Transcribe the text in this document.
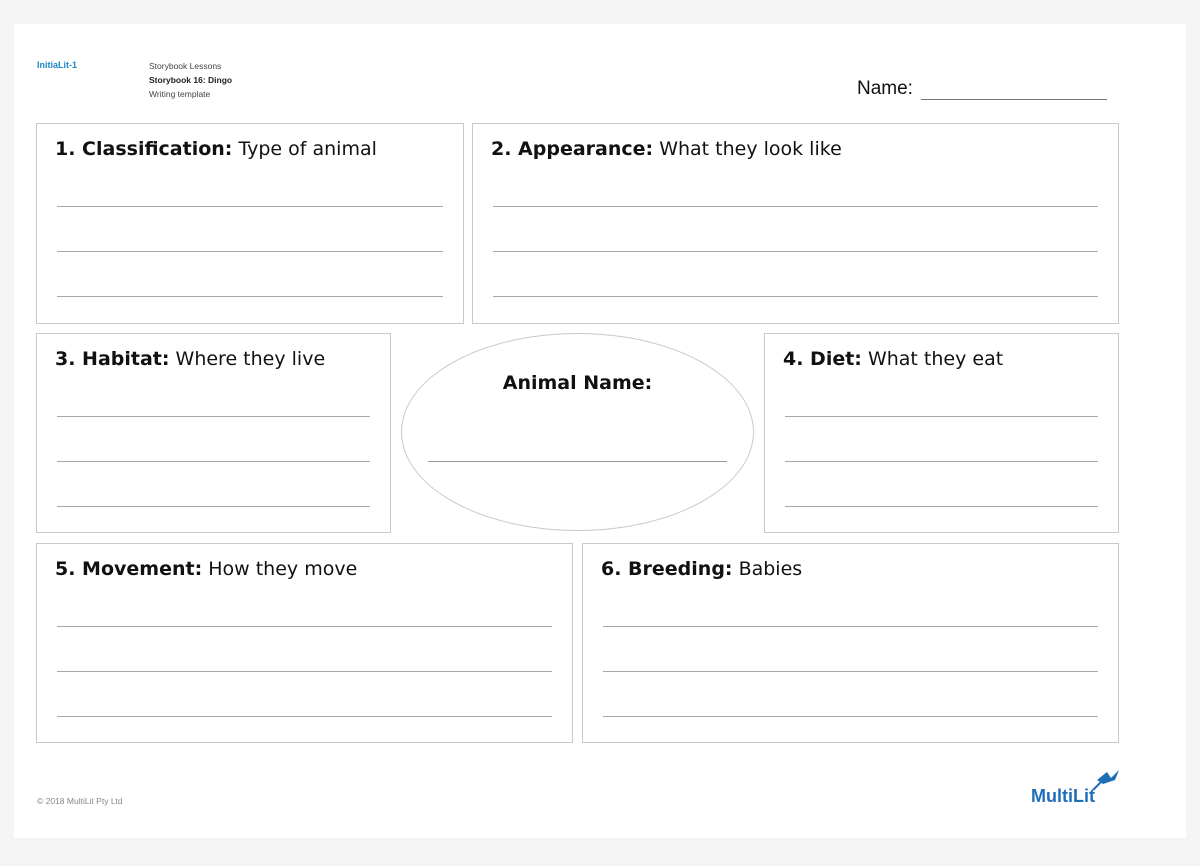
InitiaLit-1	Storybook Lessons
Storybook 16: Dingo
Writing template	Name:
1. Classification: Type of animal	2. Appearance: What they look like
3. Habitat: Where they live
Animal Name:
4. Diet: What they eat
5. Movement: How they move	6. Breeding: Babies
© 2018 MultiLit Pty Ltd	MultiLit
